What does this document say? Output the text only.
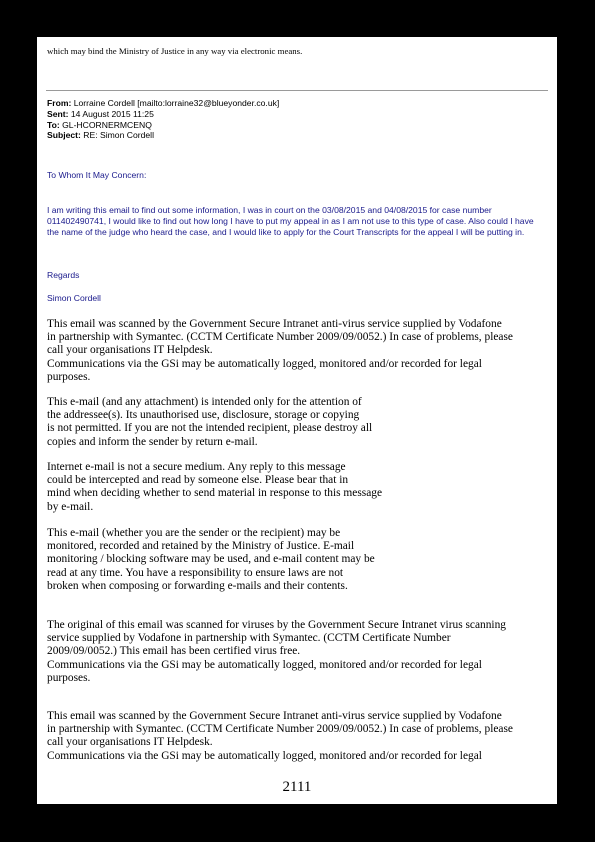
which may bind the Ministry of Justice in any way via electronic means.
From: Lorraine Cordell [mailto:lorraine32@blueyonder.co.uk]
Sent: 14 August 2015 11:25
To: GL-HCORNERMCENQ
Subject: RE: Simon Cordell
To Whom It May Concern:
I am writing this email to find out some information, I was in court on the 03/08/2015 and 04/08/2015 for case number 011402490741, I would like to find out how long I have to put my appeal in as I am not use to this type of case. Also could I have the name of the judge who heard the case, and I would like to apply for the Court Transcripts for the appeal I will be putting in.
Regards
Simon Cordell
This email was scanned by the Government Secure Intranet anti-virus service supplied by Vodafone
in partnership with Symantec. (CCTM Certificate Number 2009/09/0052.) In case of problems, please
call your organisations IT Helpdesk.
Communications via the GSi may be automatically logged, monitored and/or recorded for legal
purposes.
This e-mail (and any attachment) is intended only for the attention of
the addressee(s). Its unauthorised use, disclosure, storage or copying
is not permitted. If you are not the intended recipient, please destroy all
copies and inform the sender by return e-mail.
Internet e-mail is not a secure medium. Any reply to this message
could be intercepted and read by someone else. Please bear that in
mind when deciding whether to send material in response to this message
by e-mail.
This e-mail (whether you are the sender or the recipient) may be
monitored, recorded and retained by the Ministry of Justice. E-mail
monitoring / blocking software may be used, and e-mail content may be
read at any time. You have a responsibility to ensure laws are not
broken when composing or forwarding e-mails and their contents.
The original of this email was scanned for viruses by the Government Secure Intranet virus scanning
service supplied by Vodafone in partnership with Symantec. (CCTM Certificate Number
2009/09/0052.) This email has been certified virus free.
Communications via the GSi may be automatically logged, monitored and/or recorded for legal
purposes.
This email was scanned by the Government Secure Intranet anti-virus service supplied by Vodafone
in partnership with Symantec. (CCTM Certificate Number 2009/09/0052.) In case of problems, please
call your organisations IT Helpdesk.
Communications via the GSi may be automatically logged, monitored and/or recorded for legal
2111
